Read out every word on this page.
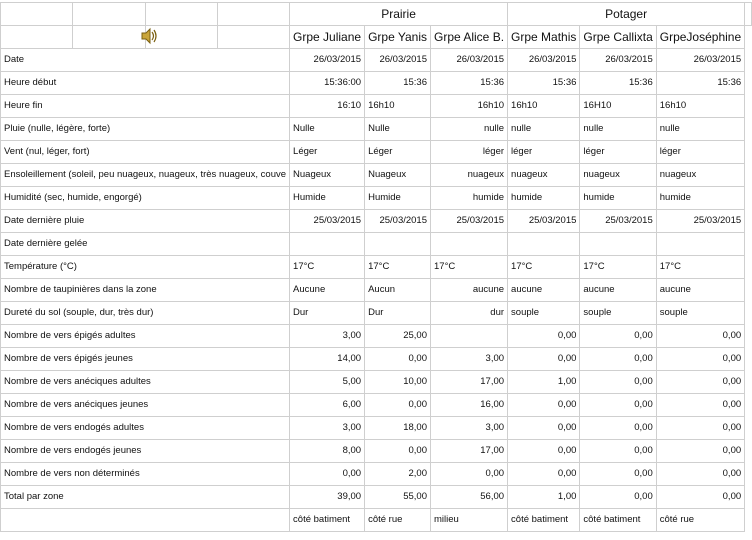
				Prairie			Potager			
				Grpe Juliane	Grpe Yanis	Grpe Alice B.	Grpe Mathis	Grpe Callixta	GrpeJoséphine	
Date				26/03/2015	26/03/2015	26/03/2015	26/03/2015	26/03/2015	26/03/2015	
Heure début				15:36:00	15:36	15:36	15:36	15:36	15:36	
Heure fin				16:10	16h10	16h10	16h10	16H10	16h10	
Pluie (nulle, légère, forte)				Nulle	Nulle	nulle	nulle	nulle	nulle	
Vent (nul, léger, fort)				Léger	Léger	léger	léger	léger	léger	
Ensoleillement (soleil, peu nuageux, nuageux, très nuageux, couve				Nuageux	Nuageux	nuageux	nuageux	nuageux	nuageux	
Humidité (sec, humide, engorgé)				Humide	Humide	humide	humide	humide	humide	
Date dernière pluie				25/03/2015	25/03/2015	25/03/2015	25/03/2015	25/03/2015	25/03/2015	
Date dernière gelée										
Température (°C)				17°C	17°C	17°C	17°C	17°C	17°C	
Nombre de taupinières dans la zone				Aucune	Aucun	aucune	aucune	aucune	aucune	
Dureté du sol (souple, dur, très dur)				Dur	Dur	dur	souple	souple	souple	
Nombre de vers épigés adultes				3,00	25,00		0,00	0,00	0,00	
Nombre de vers épigés jeunes				14,00	0,00	3,00	0,00	0,00	0,00	
Nombre de vers anéciques adultes				5,00	10,00	17,00	1,00	0,00	0,00	
Nombre de vers anéciques jeunes				6,00	0,00	16,00	0,00	0,00	0,00	
Nombre de vers endogés adultes				3,00	18,00	3,00	0,00	0,00	0,00	
Nombre de vers endogés jeunes				8,00	0,00	17,00	0,00	0,00	0,00	
Nombre de vers non déterminés				0,00	2,00	0,00	0,00	0,00	0,00	
Total par zone				39,00	55,00	56,00	1,00	0,00	0,00	
				côté batiment	côté rue	milieu	côté batiment	côté batiment	côté rue	
